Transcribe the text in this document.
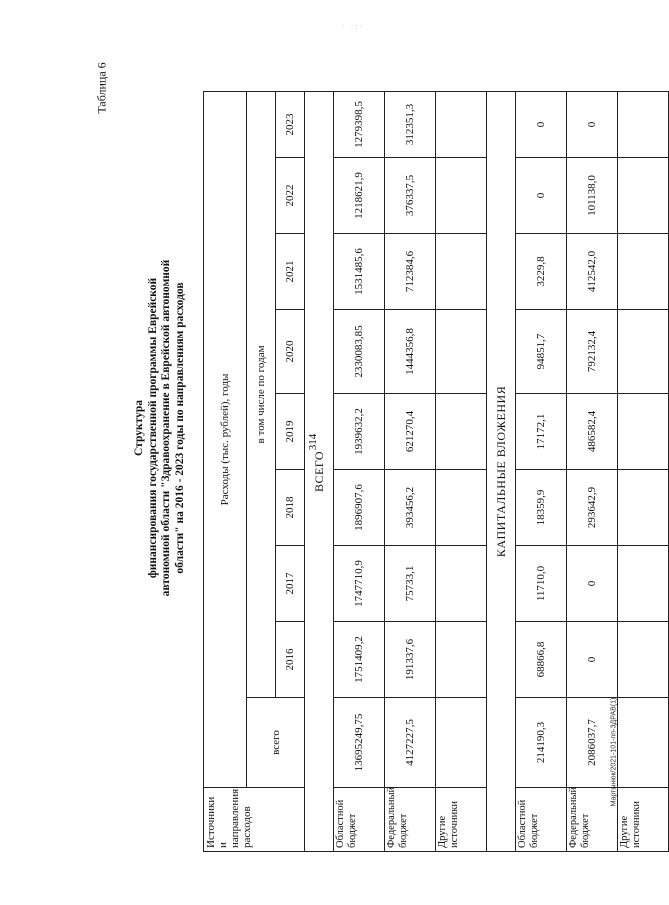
· ·:·
314
Таблица 6
Мартынюк/2021-101-пп-ЗДРАВ(1)
Структура финансирования государственной программы Еврейской автономной области "Здравоохранение в Еврейской автономной области" на 2016 - 2023 годы по направлениям расходов
Источники и направления расходов	Расходы (тыс. рублей), годы								
	всего	в том числе по годам							
		2016	2017	2018	2019	2020	2021	2022	2023
ВСЕГО									
Областной бюджет	13695249,75	1751409,2	1747710,9	1896907,6	1939632,2	2330083,85	1531485,6	1218621,9	1279398,5
Федеральный бюджет	4127227,5	191337,6	75733,1	393456,2	621270,4	1444356,8	712384,6	376337,5	312351,3
Другие источники									
КАПИТАЛЬНЫЕ ВЛОЖЕНИЯ									
Областной бюджет	214190,3	68866,8	11710,0	18359,9	17172,1	94851,7	3229,8	0	0
Федеральный бюджет	2086037,7	0	0	293642,9	486582,4	792132,4	412542,0	101138,0	0
Другие источники									
